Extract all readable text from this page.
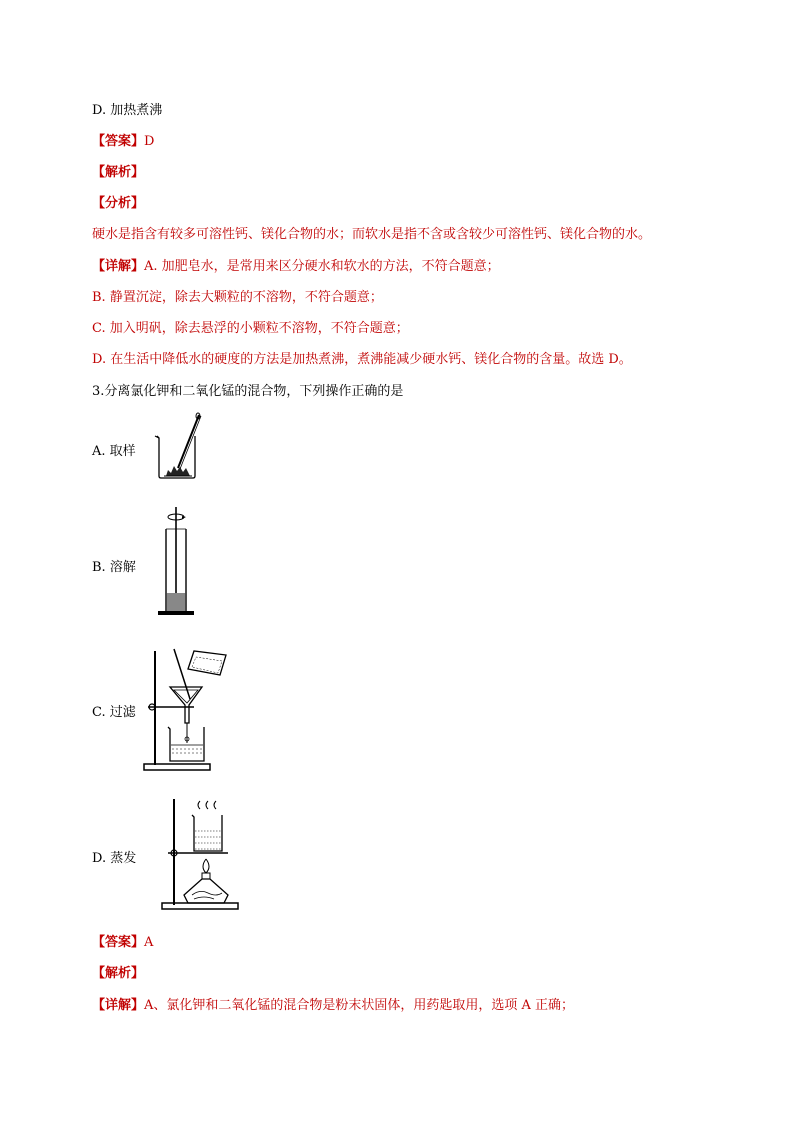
D. 加热煮沸
【答案】D
【解析】
【分析】
硬水是指含有较多可溶性钙、镁化合物的水；而软水是指不含或含较少可溶性钙、镁化合物的水。
【详解】A. 加肥皂水，是常用来区分硬水和软水的方法，不符合题意；
B. 静置沉淀，除去大颗粒的不溶物，不符合题意；
C. 加入明矾，除去悬浮的小颗粒不溶物，不符合题意；
D. 在生活中降低水的硬度的方法是加热煮沸，煮沸能减少硬水钙、镁化合物的含量。故选 D。
3.分离氯化钾和二氧化锰的混合物，下列操作正确的是
A. 取样
B. 溶解
C. 过滤
D. 蒸发
【答案】A
【解析】
【详解】A、氯化钾和二氧化锰的混合物是粉末状固体，用药匙取用，选项 A 正确；
